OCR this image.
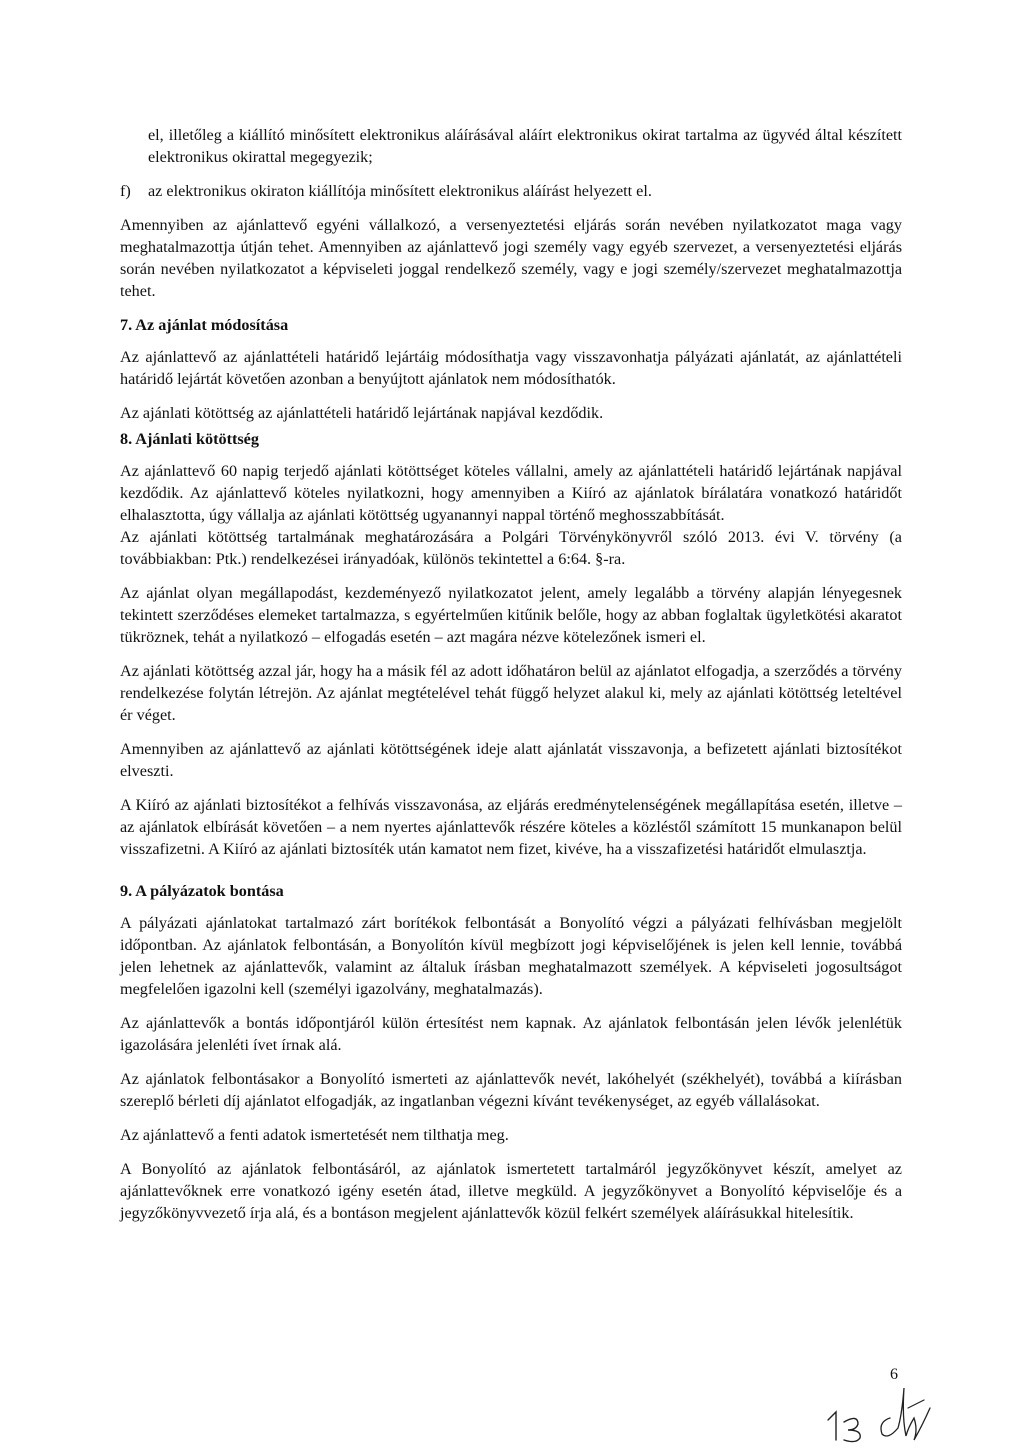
el, illetőleg a kiállító minősített elektronikus aláírásával aláírt elektronikus okirat tartalma az ügyvéd által készített elektronikus okirattal megegyezik;

f)	az elektronikus okiraton kiállítója minősített elektronikus aláírást helyezett el.

Amennyiben az ajánlattevő egyéni vállalkozó, a versenyeztetési eljárás során nevében nyilatkozatot maga vagy meghatalmazottja útján tehet. Amennyiben az ajánlattevő jogi személy vagy egyéb szervezet, a versenyeztetési eljárás során nevében nyilatkozatot a képviseleti joggal rendelkező személy, vagy e jogi személy/szervezet meghatalmazottja tehet.

7. Az ajánlat módosítása

Az ajánlattevő az ajánlattételi határidő lejártáig módosíthatja vagy visszavonhatja pályázati ajánlatát, az ajánlattételi határidő lejártát követően azonban a benyújtott ajánlatok nem módosíthatók.

Az ajánlati kötöttség az ajánlattételi határidő lejártának napjával kezdődik.

8. Ajánlati kötöttség

Az ajánlattevő 60 napig terjedő ajánlati kötöttséget köteles vállalni, amely az ajánlattételi határidő lejártának napjával kezdődik. Az ajánlattevő köteles nyilatkozni, hogy amennyiben a Kiíró az ajánlatok bírálatára vonatkozó határidőt elhalasztotta, úgy vállalja az ajánlati kötöttség ugyanannyi nappal történő meghosszabbítását.

Az ajánlati kötöttség tartalmának meghatározására a Polgári Törvénykönyvről szóló 2013. évi V. törvény (a továbbiakban: Ptk.) rendelkezései irányadóak, különös tekintettel a 6:64. §-ra.

Az ajánlat olyan megállapodást, kezdeményező nyilatkozatot jelent, amely legalább a törvény alapján lényegesnek tekintett szerződéses elemeket tartalmazza, s egyértelműen kitűnik belőle, hogy az abban foglaltak ügyletkötési akaratot tükröznek, tehát a nyilatkozó – elfogadás esetén – azt magára nézve kötelezőnek ismeri el.

Az ajánlati kötöttség azzal jár, hogy ha a másik fél az adott időhatáron belül az ajánlatot elfogadja, a szerződés a törvény rendelkezése folytán létrejön. Az ajánlat megtételével tehát függő helyzet alakul ki, mely az ajánlati kötöttség leteltével ér véget.

Amennyiben az ajánlattevő az ajánlati kötöttségének ideje alatt ajánlatát visszavonja, a befizetett ajánlati biztosítékot elveszti.

A Kiíró az ajánlati biztosítékot a felhívás visszavonása, az eljárás eredménytelenségének megállapítása esetén, illetve – az ajánlatok elbírását követően – a nem nyertes ajánlattevők részére köteles a közléstől számított 15 munkanapon belül visszafizetni. A Kiíró az ajánlati biztosíték után kamatot nem fizet, kivéve, ha a visszafizetési határidőt elmulasztja.

9. A pályázatok bontása

A pályázati ajánlatokat tartalmazó zárt borítékok felbontását a Bonyolító végzi a pályázati felhívásban megjelölt időpontban. Az ajánlatok felbontásán, a Bonyolítón kívül megbízott jogi képviselőjének is jelen kell lennie, továbbá jelen lehetnek az ajánlattevők, valamint az általuk írásban meghatalmazott személyek. A képviseleti jogosultságot megfelelően igazolni kell (személyi igazolvány, meghatalmazás).

Az ajánlattevők a bontás időpontjáról külön értesítést nem kapnak. Az ajánlatok felbontásán jelen lévők jelenlétük igazolására jelenléti ívet írnak alá.

Az ajánlatok felbontásakor a Bonyolító ismerteti az ajánlattevők nevét, lakóhelyét (székhelyét), továbbá a kiírásban szereplő bérleti díj ajánlatot elfogadják, az ingatlanban végezni kívánt tevékenységet, az egyéb vállalásokat.

Az ajánlattevő a fenti adatok ismertetését nem tilthatja meg.

A Bonyolító az ajánlatok felbontásáról, az ajánlatok ismertetett tartalmáról jegyzőkönyvet készít, amelyet az ajánlattevőknek erre vonatkozó igény esetén átad, illetve megküld. A jegyzőkönyvet a Bonyolító képviselője és a jegyzőkönyvvezető írja alá, és a bontáson megjelent ajánlattevők közül felkért személyek aláírásukkal hitelesítik.

6
